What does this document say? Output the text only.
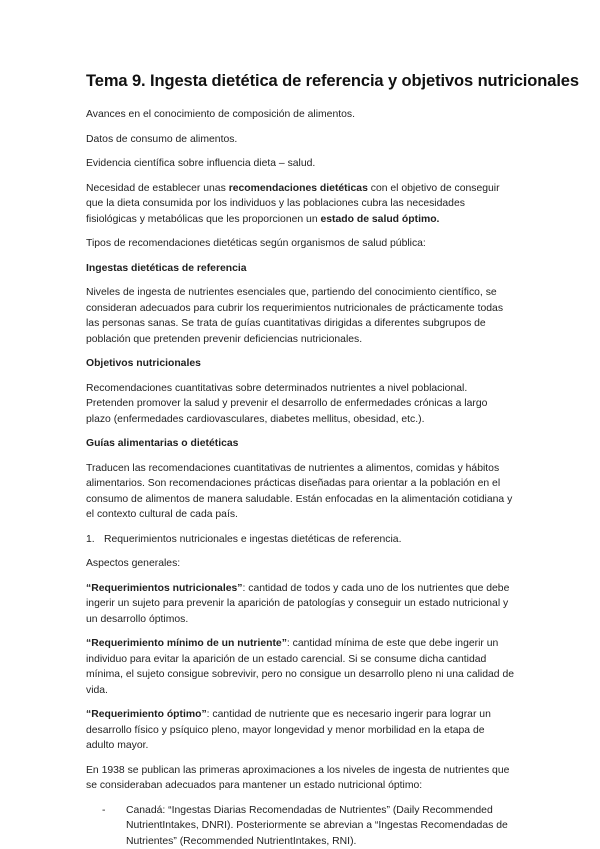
Tema 9. Ingesta dietética de referencia y objetivos nutricionales

Avances en el conocimiento de composición de alimentos.

Datos de consumo de alimentos.

Evidencia científica sobre influencia dieta – salud.

Necesidad de establecer unas recomendaciones dietéticas con el objetivo de conseguir que la dieta consumida por los individuos y las poblaciones cubra las necesidades fisiológicas y metabólicas que les proporcionen un estado de salud óptimo.

Tipos de recomendaciones dietéticas según organismos de salud pública:

Ingestas dietéticas de referencia

Niveles de ingesta de nutrientes esenciales que, partiendo del conocimiento científico, se consideran adecuados para cubrir los requerimientos nutricionales de prácticamente todas las personas sanas. Se trata de guías cuantitativas dirigidas a diferentes subgrupos de población que pretenden prevenir deficiencias nutricionales.

Objetivos nutricionales

Recomendaciones cuantitativas sobre determinados nutrientes a nivel poblacional. Pretenden promover la salud y prevenir el desarrollo de enfermedades crónicas a largo plazo (enfermedades cardiovasculares, diabetes mellitus, obesidad, etc.).

Guías alimentarias o dietéticas

Traducen las recomendaciones cuantitativas de nutrientes a alimentos, comidas y hábitos alimentarios. Son recomendaciones prácticas diseñadas para orientar a la población en el consumo de alimentos de manera saludable. Están enfocadas en la alimentación cotidiana y el contexto cultural de cada país.

1. Requerimientos nutricionales e ingestas dietéticas de referencia.

Aspectos generales:

“Requerimientos nutricionales”: cantidad de todos y cada uno de los nutrientes que debe ingerir un sujeto para prevenir la aparición de patologías y conseguir un estado nutricional y un desarrollo óptimos.

“Requerimiento mínimo de un nutriente”: cantidad mínima de este que debe ingerir un individuo para evitar la aparición de un estado carencial. Si se consume dicha cantidad mínima, el sujeto consigue sobrevivir, pero no consigue un desarrollo pleno ni una calidad de vida.

“Requerimiento óptimo”: cantidad de nutriente que es necesario ingerir para lograr un desarrollo físico y psíquico pleno, mayor longevidad y menor morbilidad en la etapa de adulto mayor.

En 1938 se publican las primeras aproximaciones a los niveles de ingesta de nutrientes que se consideraban adecuados para mantener un estado nutricional óptimo:

-	Canadá: “Ingestas Diarias Recomendadas de Nutrientes” (Daily Recommended NutrientIntakes, DNRI). Posteriormente se abrevian a “Ingestas Recomendadas de Nutrientes” (Recommended NutrientIntakes, RNI).
